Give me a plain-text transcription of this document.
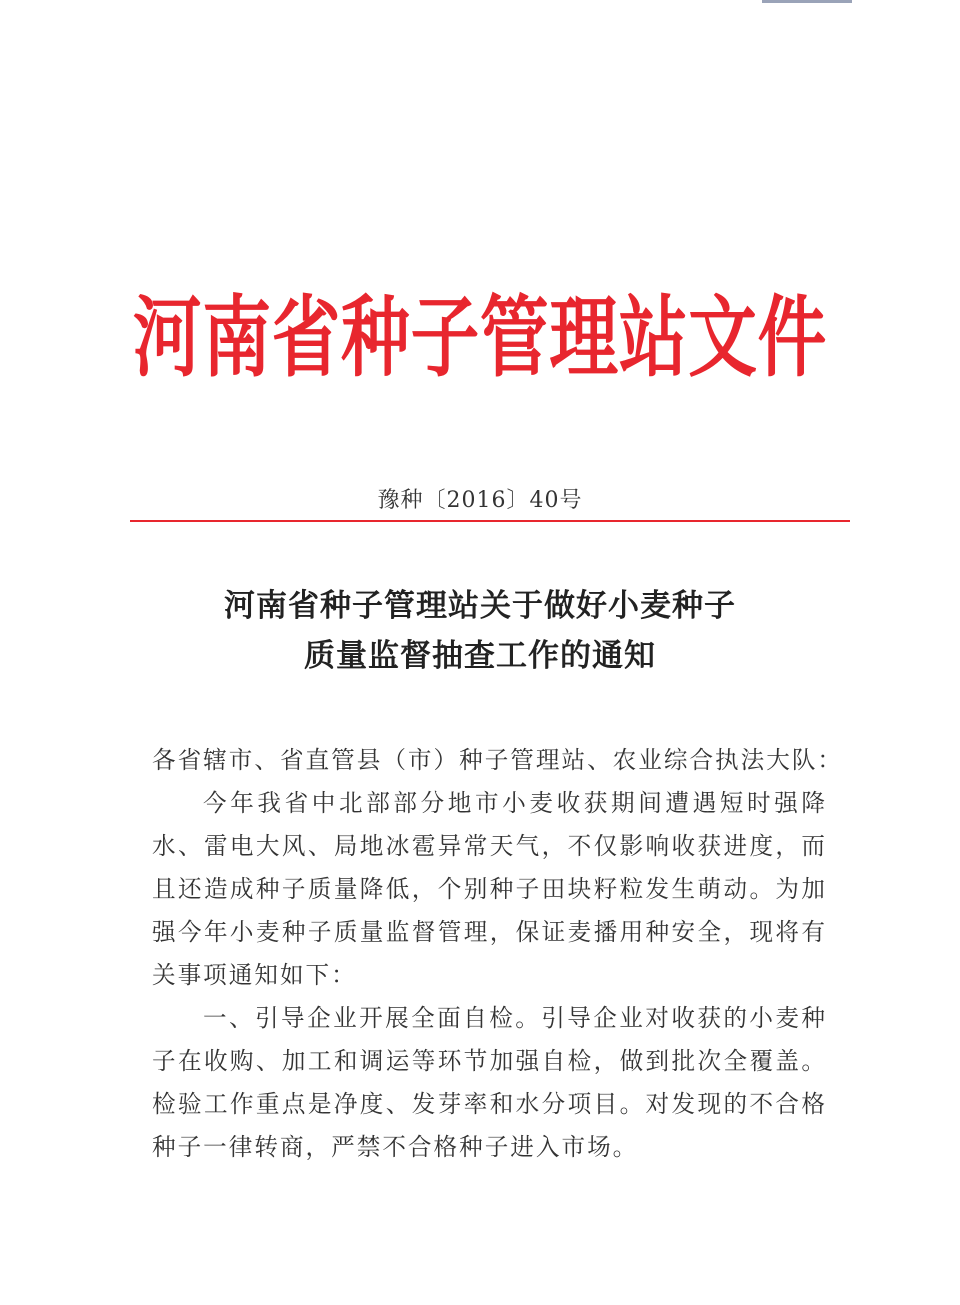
河南省种子管理站文件
豫种〔2016〕40号
河南省种子管理站关于做好小麦种子
质量监督抽查工作的通知

各省辖市、省直管县（市）种子管理站、农业综合执法大队：

今年我省中北部部分地市小麦收获期间遭遇短时强降水、雷电大风、局地冰雹异常天气，不仅影响收获进度，而且还造成种子质量降低，个别种子田块籽粒发生萌动。为加强今年小麦种子质量监督管理，保证麦播用种安全，现将有关事项通知如下：

一、引导企业开展全面自检。引导企业对收获的小麦种子在收购、加工和调运等环节加强自检，做到批次全覆盖。检验工作重点是净度、发芽率和水分项目。对发现的不合格种子一律转商，严禁不合格种子进入市场。
